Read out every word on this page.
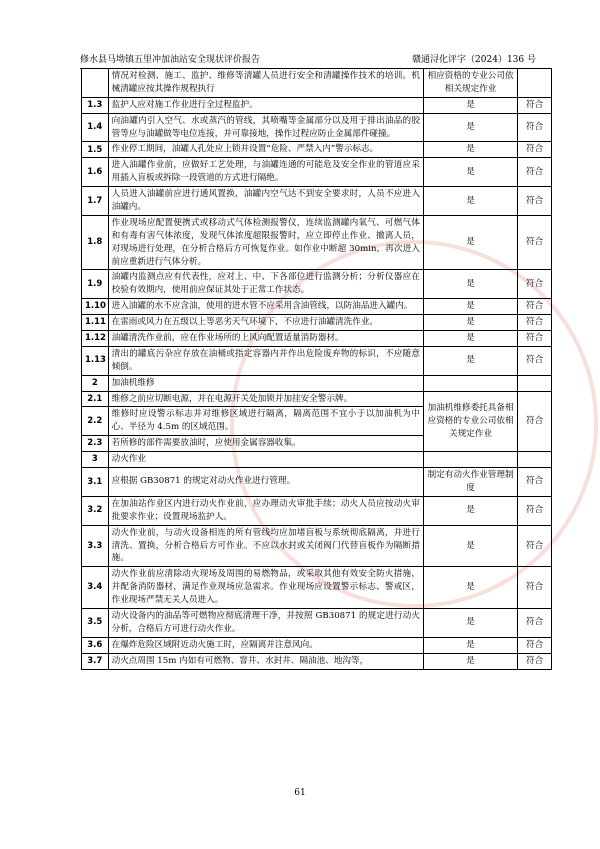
修水县马坳镇五里冲加油站安全现状评价报告	赣通浔化评字（2024）136 号
	情况对检测、施工、监护、维修等清罐人员进行安全和清罐操作技术的培训。机械清罐应按其操作规程执行	相应资格的专业公司依相关规定作业	
1.3	监护人应对施工作业进行全过程监护。	是	符合
1.4	向油罐内引入空气、水或蒸汽的管线，其喷嘴等金属部分以及用于排出油品的胶管等应与油罐做等电位连接，并可靠接地，操作过程应防止金属部件碰撞。	是	符合
1.5	作业停工期间，油罐人孔处应上锁并设置“危险、严禁入内”警示标志。	是	符合
1.6	进入油罐作业前，应做好工艺处理，与油罐连通的可能危及安全作业的管道应采用插入盲板或拆除一段管道的方式进行隔绝。	是	符合
1.7	人员进入油罐前应进行通风置换，油罐内空气达不到安全要求时，人员不应进入油罐内。	是	符合
1.8	作业现场应配置便携式或移动式气体检测报警仪，连续监测罐内氧气、可燃气体和有毒有害气体浓度，发现气体浓度超限报警时，应立即停止作业、撤离人员，对现场进行处理，在分析合格后方可恢复作业。如作业中断超 30min，再次进入前应重新进行气体分析。	是	符合
1.9	油罐内监测点应有代表性，应对上、中、下各部位进行监测分析；分析仪器应在校验有效期内，使用前应保证其处于正常工作状态。	是	符合
1.10	进入油罐的水不应含油，使用的进水管不应采用含油管线，以防油品进入罐内。	是	符合
1.11	在雷雨或风力在五级以上等恶劣天气环境下，不应进行油罐清洗作业。	是	符合
1.12	油罐清洗作业前，应在作业场所的上风向配置适量消防器材。	是	符合
1.13	清出的罐底污杂应存放在油桶或指定容器内并作出危险废弃物的标识，不应随意倾倒。	是	符合
2	加油机维修		
2.1	维修之前应切断电源，并在电源开关处加锁并加挂安全警示牌。	加油机维修委托具备相应资格的专业公司依相关规定作业	符合
2.2	维修时应设警示标志并对维修区域进行隔离，隔离范围不宜小于以加油机为中心、半径为 4.5m 的区域范围。		
2.3	若所修的部件需要放油时，应使用金属容器收集。		
3	动火作业		
3.1	应根据 GB30871 的规定对动火作业进行管理。	制定有动火作业管理制度	符合
3.2	在加油站作业区内进行动火作业前，应办理动火审批手续；动火人员应按动火审批要求作业；设置现场监护人。	是	符合
3.3	动火作业前，与动火设备相连的所有管线均应加堵盲板与系统彻底隔离，并进行清洗、置换，分析合格后方可作业。不应以水封或关闭阀门代替盲板作为隔断措施。	是	符合
3.4	动火作业前应清除动火现场及周围的易燃物品，或采取其他有效安全防火措施，并配备消防器材，满足作业现场应急需求。作业现场应设置警示标志、警戒区，作业现场严禁无关人员进入。	是	符合
3.5	动火设备内的油品等可燃物应彻底清理干净，并按照 GB30871 的规定进行动火分析，合格后方可进行动火作业。	是	符合
3.6	在爆炸危险区域附近动火施工时，应隔离并注意风向。	是	符合
3.7	动火点周围 15m 内如有可燃物、窨井、水封井、隔油池、地沟等，	是	符合
61
